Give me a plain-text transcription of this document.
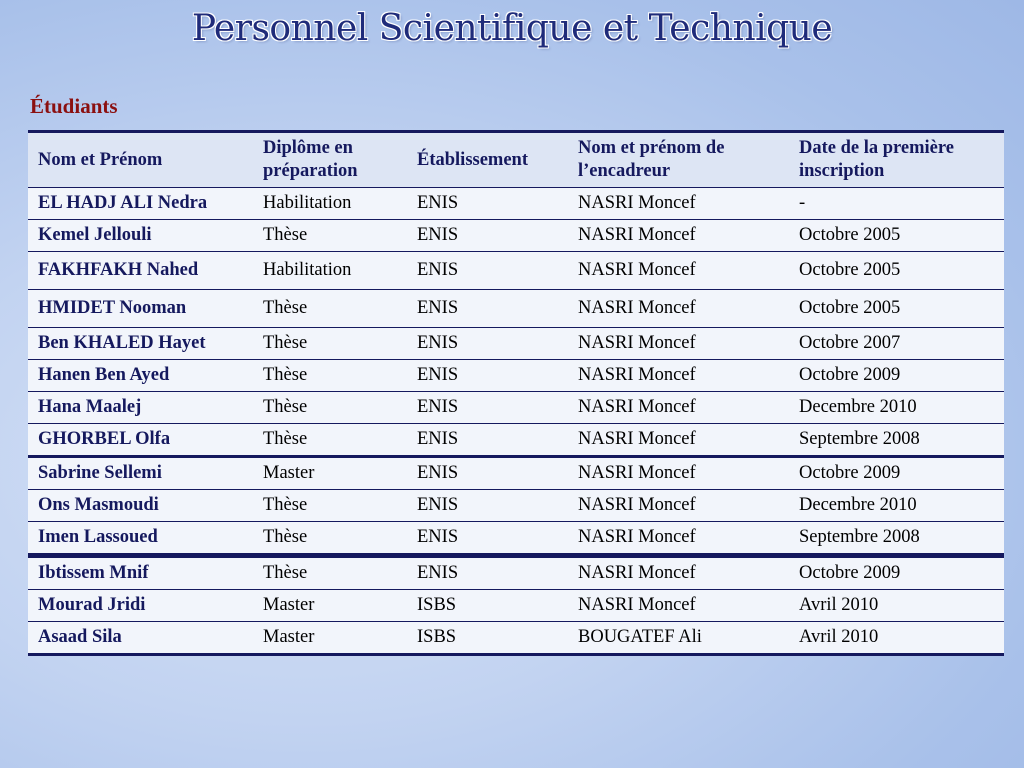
Personnel Scientifique et Technique
Étudiants
Nom et Prénom	Diplôme en préparation	Établissement	Nom et prénom de l’encadreur	Date de la première inscription
EL HADJ ALI Nedra	Habilitation	ENIS	NASRI Moncef	-
Kemel Jellouli	Thèse	ENIS	NASRI Moncef	Octobre 2005
FAKHFAKH Nahed	Habilitation	ENIS	NASRI Moncef	Octobre 2005
HMIDET Nooman	Thèse	ENIS	NASRI Moncef	Octobre 2005
Ben KHALED Hayet	Thèse	ENIS	NASRI Moncef	Octobre 2007
Hanen Ben Ayed	Thèse	ENIS	NASRI Moncef	Octobre 2009
Hana Maalej	Thèse	ENIS	NASRI Moncef	Decembre 2010
GHORBEL Olfa	Thèse	ENIS	NASRI Moncef	Septembre 2008
Sabrine Sellemi	Master	ENIS	NASRI Moncef	Octobre 2009
Ons Masmoudi	Thèse	ENIS	NASRI Moncef	Decembre 2010
Imen Lassoued	Thèse	ENIS	NASRI Moncef	Septembre 2008
Ibtissem Mnif	Thèse	ENIS	NASRI Moncef	Octobre 2009
Mourad Jridi	Master	ISBS	NASRI Moncef	Avril 2010
Asaad Sila	Master	ISBS	BOUGATEF Ali	Avril 2010
